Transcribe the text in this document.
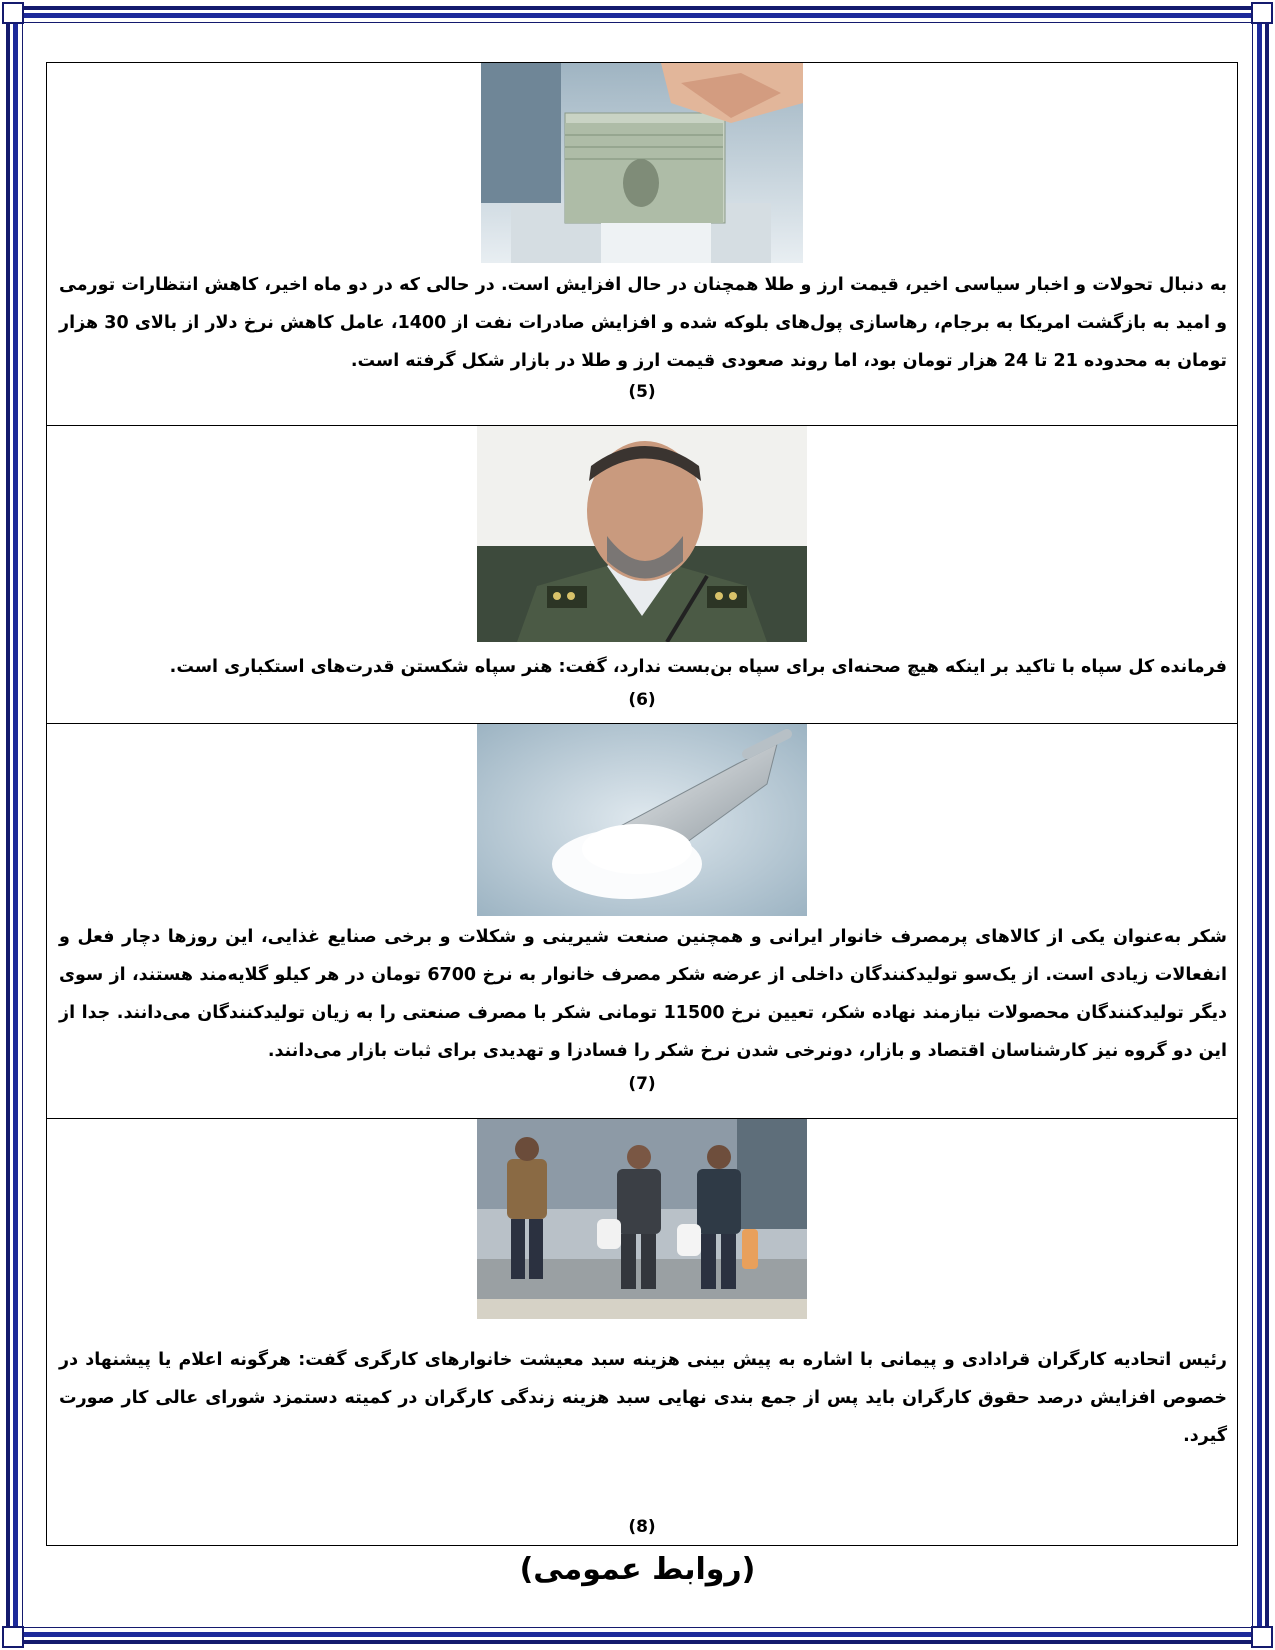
به دنبال تحولات و اخبار سیاسی اخیر، قیمت ارز و طلا همچنان در حال افزایش است. در حالی که در دو ماه اخیر، کاهش انتظارات تورمی و امید به بازگشت امریکا به برجام، رهاسازی پول‌های بلوکه شده و افزایش صادرات نفت از 1400، عامل کاهش نرخ دلار از بالای 30 هزار تومان به محدوده 21 تا 24 هزار تومان بود، اما روند صعودی قیمت ارز و طلا در بازار شکل گرفته است.

(5)

فرمانده کل سپاه با تاکید بر اینکه هیچ صحنه‌ای برای سپاه بن‌بست ندارد، گفت: هنر سپاه شکستن قدرت‌های استکباری است.

(6)

شکر به‌عنوان یکی از کالاهای پرمصرف خانوار ایرانی و همچنین صنعت شیرینی و شکلات و برخی صنایع غذایی، این روزها دچار فعل و انفعالات زیادی است. از یک‌سو تولیدکنندگان داخلی از عرضه شکر مصرف خانوار به نرخ 6700 تومان در هر کیلو گلایه‌مند هستند، از سوی دیگر تولیدکنندگان محصولات نیازمند نهاده شکر، تعیین نرخ 11500 تومانی شکر با مصرف صنعتی را به زیان تولیدکنندگان می‌دانند. جدا از این دو گروه نیز کارشناسان اقتصاد و بازار، دونرخی شدن نرخ شکر را فسادزا و تهدیدی برای ثبات بازار می‌دانند.

(7)

رئیس اتحادیه کارگران قرادادی و پیمانی با اشاره به پیش بینی هزینه سبد معیشت خانوارهای کارگری گفت: هرگونه اعلام یا پیشنهاد در خصوص افزایش درصد حقوق کارگران باید پس از جمع بندی نهایی سبد هزینه زندگی کارگران در کمیته دستمزد شورای عالی کار صورت گیرد.

(8)
(روابط عمومی)
